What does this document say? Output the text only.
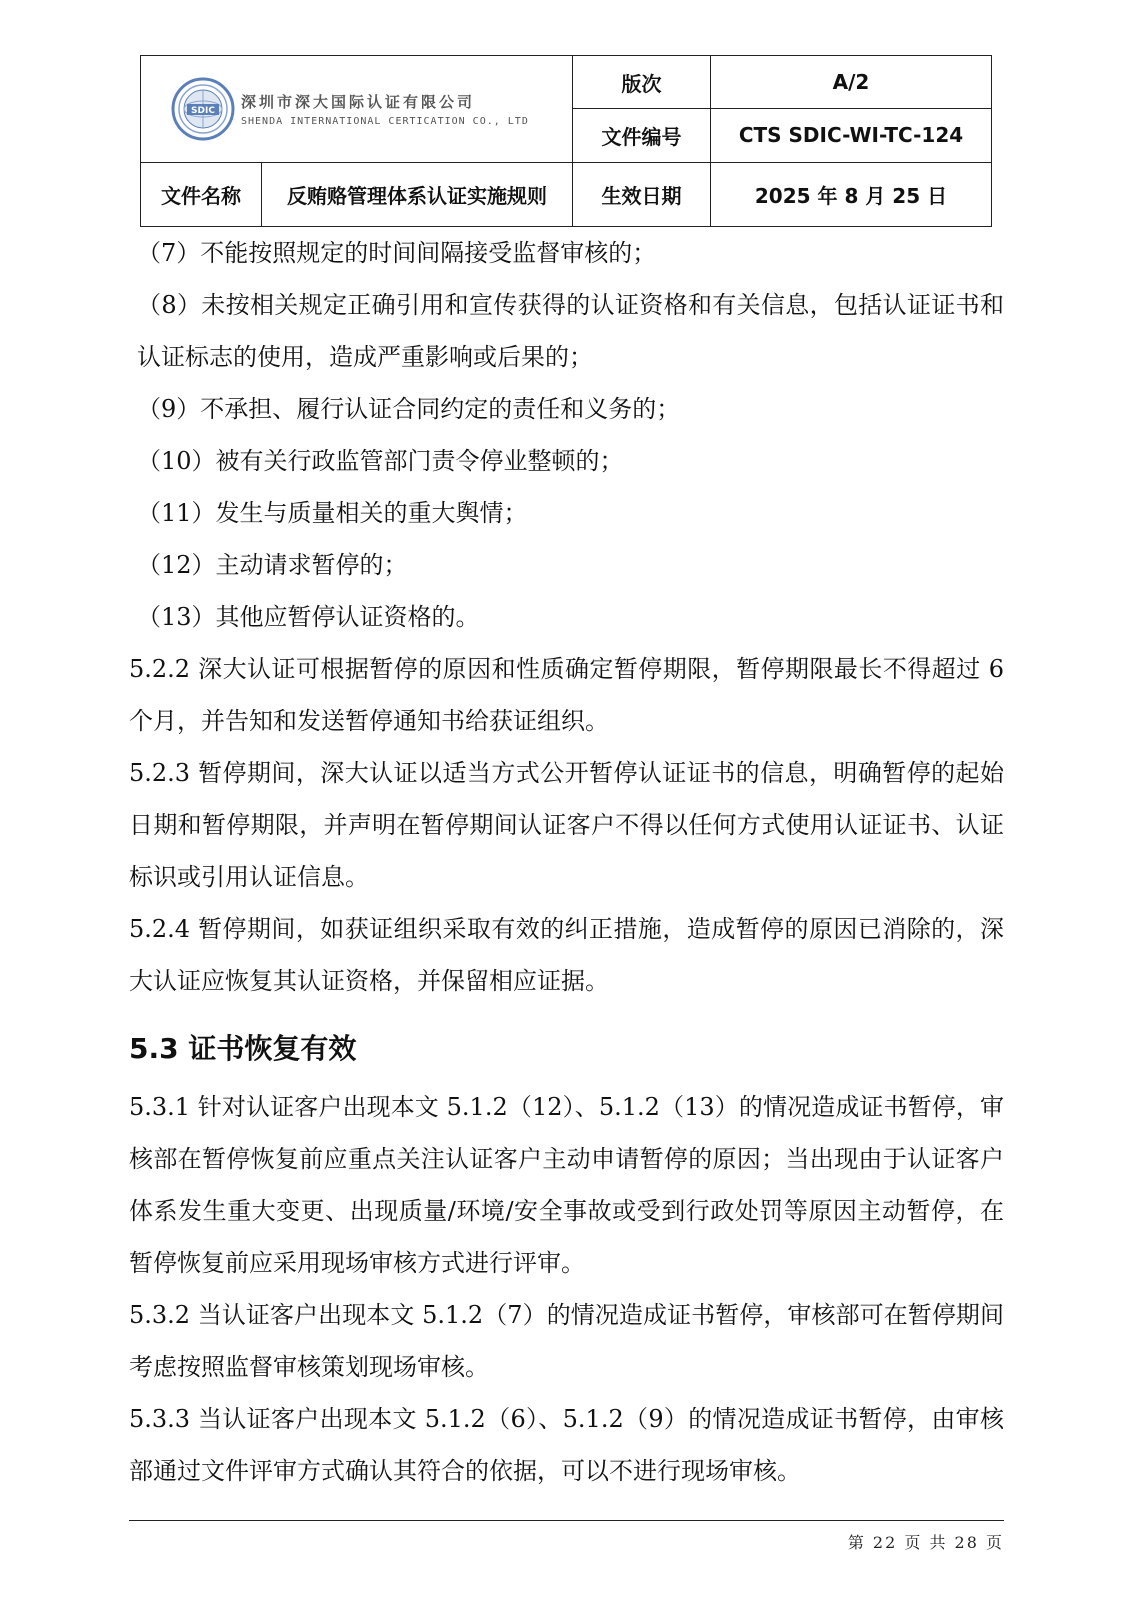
SDIC 深圳市深大国际认证有限公司
SHENDA INTERNATIONAL CERTICATION CO., LTD		版次	A/2
		文件编号	CTS SDIC-WI-TC-124
文件名称	反贿赂管理体系认证实施规则	生效日期	2025 年 8 月 25 日

（7）不能按照规定的时间间隔接受监督审核的；

（8）未按相关规定正确引用和宣传获得的认证资格和有关信息，包括认证证书和认证标志的使用，造成严重影响或后果的；

（9）不承担、履行认证合同约定的责任和义务的；

（10）被有关行政监管部门责令停业整顿的；

（11）发生与质量相关的重大舆情；

（12）主动请求暂停的；

（13）其他应暂停认证资格的。

5.2.2 深大认证可根据暂停的原因和性质确定暂停期限，暂停期限最长不得超过 6 个月，并告知和发送暂停通知书给获证组织。

5.2.3 暂停期间，深大认证以适当方式公开暂停认证证书的信息，明确暂停的起始日期和暂停期限，并声明在暂停期间认证客户不得以任何方式使用认证证书、认证标识或引用认证信息。

5.2.4 暂停期间，如获证组织采取有效的纠正措施，造成暂停的原因已消除的，深大认证应恢复其认证资格，并保留相应证据。

5.3 证书恢复有效

5.3.1 针对认证客户出现本文 5.1.2（12）、5.1.2（13）的情况造成证书暂停，审核部在暂停恢复前应重点关注认证客户主动申请暂停的原因；当出现由于认证客户体系发生重大变更、出现质量/环境/安全事故或受到行政处罚等原因主动暂停，在暂停恢复前应采用现场审核方式进行评审。

5.3.2 当认证客户出现本文 5.1.2（7）的情况造成证书暂停，审核部可在暂停期间考虑按照监督审核策划现场审核。

5.3.3 当认证客户出现本文 5.1.2（6）、5.1.2（9）的情况造成证书暂停，由审核部通过文件评审方式确认其符合的依据，可以不进行现场审核。

第 22 页 共 28 页
